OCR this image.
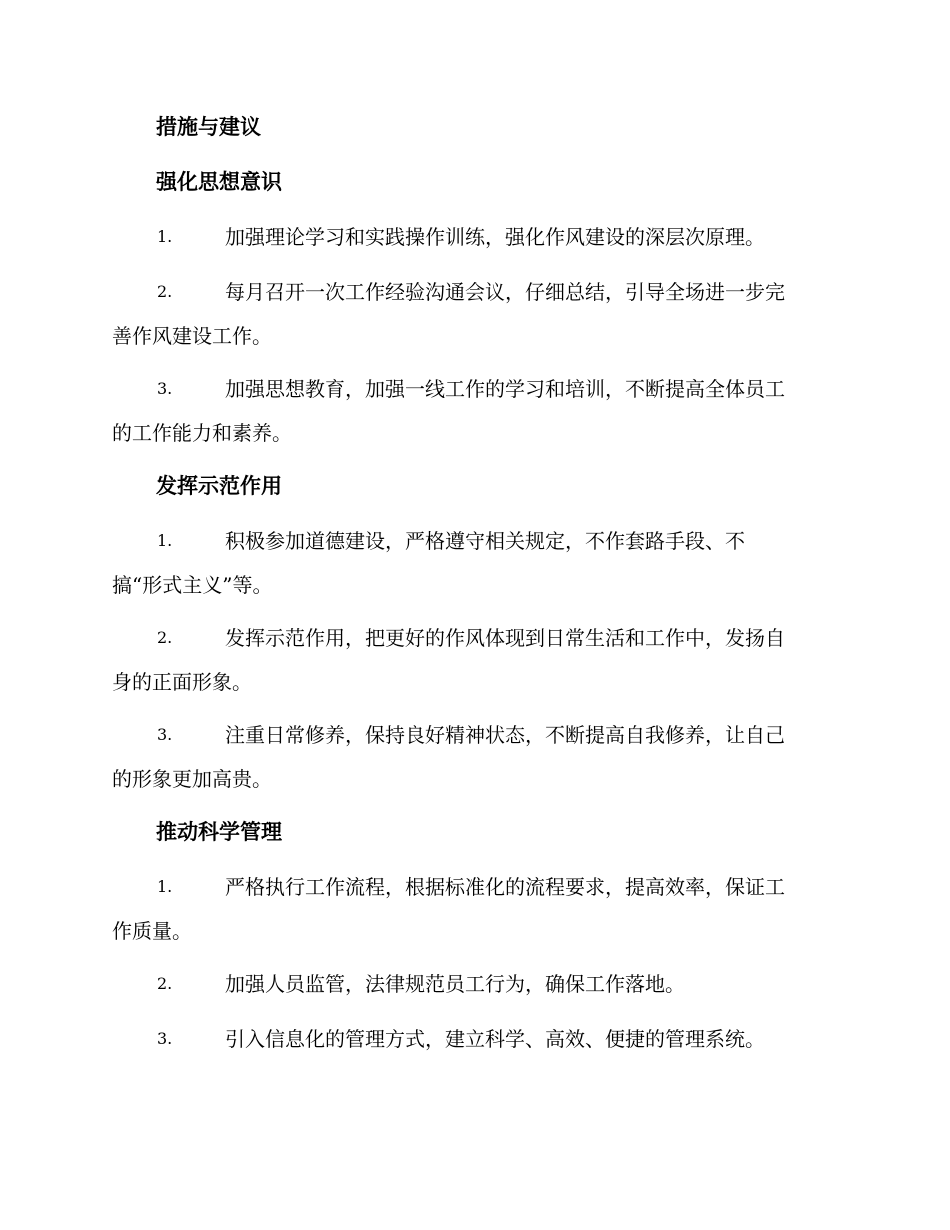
措施与建议
强化思想意识
1.	加强理论学习和实践操作训练，强化作风建设的深层次原理。
2.	每月召开一次工作经验沟通会议，仔细总结，引导全场进一步完
善作风建设工作。
3.	加强思想教育，加强一线工作的学习和培训，不断提高全体员工
的工作能力和素养。
发挥示范作用
1.	积极参加道德建设，严格遵守相关规定，不作套路手段、不
搞“形式主义”等。
2.	发挥示范作用，把更好的作风体现到日常生活和工作中，发扬自
身的正面形象。
3.	注重日常修养，保持良好精神状态，不断提高自我修养，让自己
的形象更加高贵。
推动科学管理
1.	严格执行工作流程，根据标准化的流程要求，提高效率，保证工
作质量。
2.	加强人员监管，法律规范员工行为，确保工作落地。
3.	引入信息化的管理方式，建立科学、高效、便捷的管理系统。
